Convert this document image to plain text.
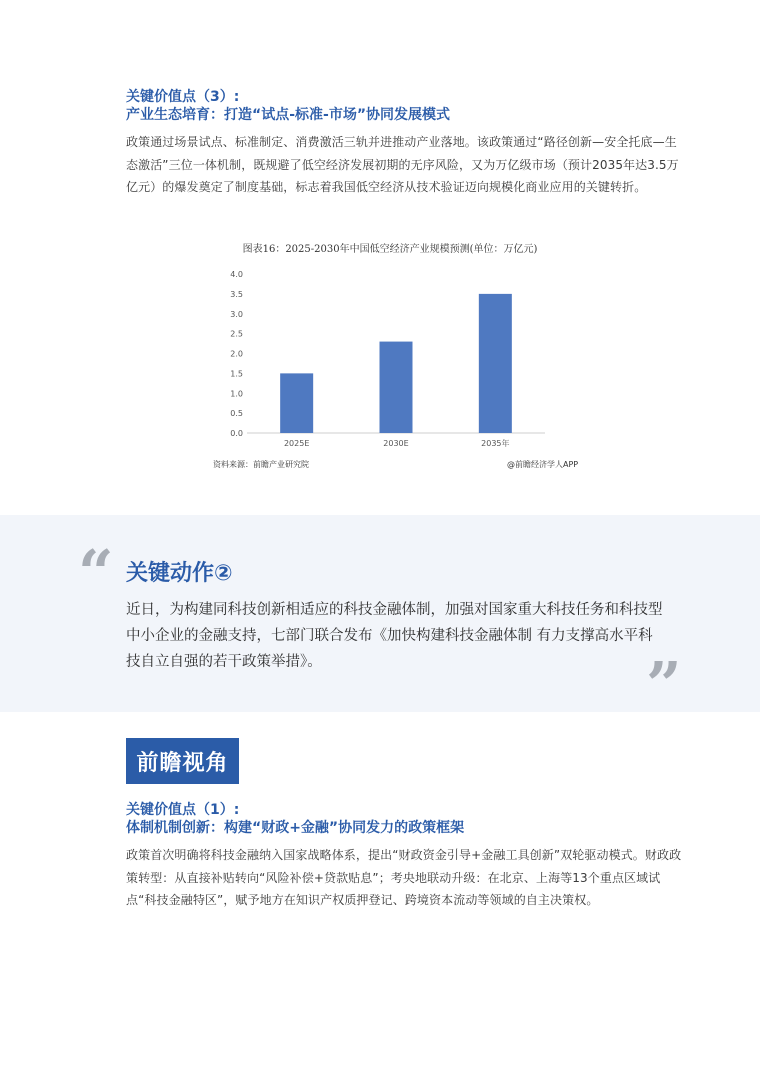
关键价值点（3）:
产业生态培育：打造“试点-标准-市场”协同发展模式
政策通过场景试点、标准制定、消费激活三轨并进推动产业落地。该政策通过“路径创新—安全托底—生态激活”三位一体机制，既规避了低空经济发展初期的无序风险，又为万亿级市场（预计2035年达3.5万亿元）的爆发奠定了制度基础，标志着我国低空经济从技术验证迈向规模化商业应用的关键转折。
图表16：2025-2030年中国低空经济产业规模预测(单位：万亿元)
0.0
0.5
1.0
1.5
2.0
2.5
3.0
3.5
4.0
2025E	2030E	2035年
资料来源：前瞻产业研究院	@前瞻经济学人APP
“ 关键动作②
近日，为构建同科技创新相适应的科技金融体制，加强对国家重大科技任务和科技型中小企业的金融支持，七部门联合发布《加快构建科技金融体制 有力支撑高水平科技自立自强的若干政策举措》。	”
前瞻视角
关键价值点（1）:
体制机制创新：构建“财政+金融”协同发力的政策框架
政策首次明确将科技金融纳入国家战略体系，提出“财政资金引导+金融工具创新”双轮驱动模式。财政政策转型：从直接补贴转向“风险补偿+贷款贴息”；考央地联动升级：在北京、上海等13个重点区域试点“科技金融特区”，赋予地方在知识产权质押登记、跨境资本流动等领域的自主决策权。
